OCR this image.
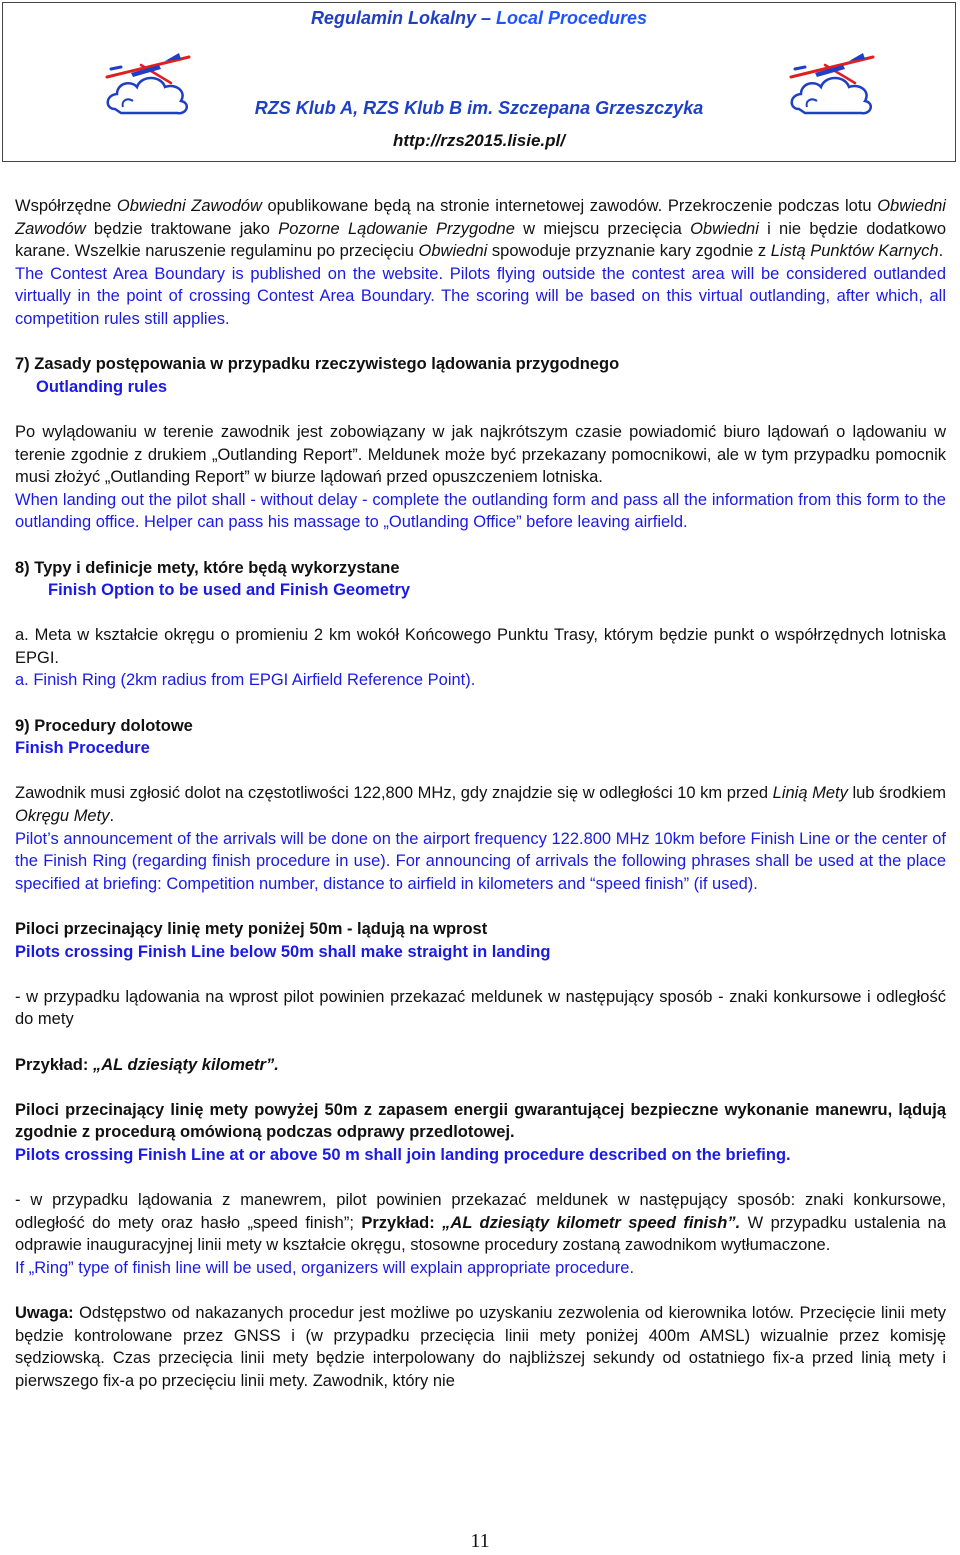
Regulamin Lokalny – Local Procedures
RZS Klub A, RZS Klub B im. Szczepana Grzeszczyka
http://rzs2015.lisie.pl/

Współrzędne Obwiedni Zawodów opublikowane będą na stronie internetowej zawodów. Przekroczenie podczas lotu Obwiedni Zawodów będzie traktowane jako Pozorne Lądowanie Przygodne w miejscu przecięcia Obwiedni i nie będzie dodatkowo karane. Wszelkie naruszenie regulaminu po przecięciu Obwiedni spowoduje przyznanie kary zgodnie z Listą Punktów Karnych.

The Contest Area Boundary is published on the website. Pilots flying outside the contest area will be considered outlanded virtually in the point of crossing Contest Area Boundary. The scoring will be based on this virtual outlanding, after which, all competition rules still applies.

7) Zasady postępowania w przypadku rzeczywistego lądowania przygodnego

Outlanding rules

Po wylądowaniu w terenie zawodnik jest zobowiązany w jak najkrótszym czasie powiadomić biuro lądowań o lądowaniu w terenie zgodnie z drukiem „Outlanding Report”. Meldunek może być przekazany pomocnikowi, ale w tym przypadku pomocnik musi złożyć „Outlanding Report” w biurze lądowań przed opuszczeniem lotniska.

When landing out the pilot shall - without delay - complete the outlanding form and pass all the information from this form to the outlanding office. Helper can pass his massage to „Outlanding Office” before leaving airfield.

8) Typy i definicje mety, które będą wykorzystane

Finish Option to be used and Finish Geometry

a. Meta w kształcie okręgu o promieniu 2 km wokół Końcowego Punktu Trasy, którym będzie punkt o współrzędnych lotniska EPGI.

a. Finish Ring (2km radius from EPGI Airfield Reference Point).

9) Procedury dolotowe

Finish Procedure

Zawodnik musi zgłosić dolot na częstotliwości 122,800 MHz, gdy znajdzie się w odległości 10 km przed Linią Mety lub środkiem Okręgu Mety.

Pilot’s announcement of the arrivals will be done on the airport frequency 122.800 MHz 10km before Finish Line or the center of the Finish Ring (regarding finish procedure in use). For announcing of arrivals the following phrases shall be used at the place specified at briefing: Competition number, distance to airfield in kilometers and “speed finish” (if used).

Piloci przecinający linię mety poniżej 50m - lądują na wprost

Pilots crossing Finish Line below 50m shall make straight in landing

- w przypadku lądowania na wprost pilot powinien przekazać meldunek w następujący sposób - znaki konkursowe i odległość do mety

Przykład: „AL dziesiąty kilometr”.

Piloci przecinający linię mety powyżej 50m z zapasem energii gwarantującej bezpieczne wykonanie manewru, lądują zgodnie z procedurą omówioną podczas odprawy przedlotowej.

Pilots crossing Finish Line at or above 50 m shall join landing procedure described on the briefing.

- w przypadku lądowania z manewrem, pilot powinien przekazać meldunek w następujący sposób: znaki konkursowe, odległość do mety oraz hasło „speed finish”; Przykład: „AL dziesiąty kilometr speed finish”. W przypadku ustalenia na odprawie inauguracyjnej linii mety w kształcie okręgu, stosowne procedury zostaną zawodnikom wytłumaczone.

If „Ring” type of finish line will be used, organizers will explain appropriate procedure.

Uwaga: Odstępstwo od nakazanych procedur jest możliwe po uzyskaniu zezwolenia od kierownika lotów. Przecięcie linii mety będzie kontrolowane przez GNSS i (w przypadku przecięcia linii mety poniżej 400m AMSL) wizualnie przez komisję sędziowską. Czas przecięcia linii mety będzie interpolowany do najbliższej sekundy od ostatniego fix-a przed linią mety i pierwszego fix-a po przecięciu linii mety. Zawodnik, który nie

11
